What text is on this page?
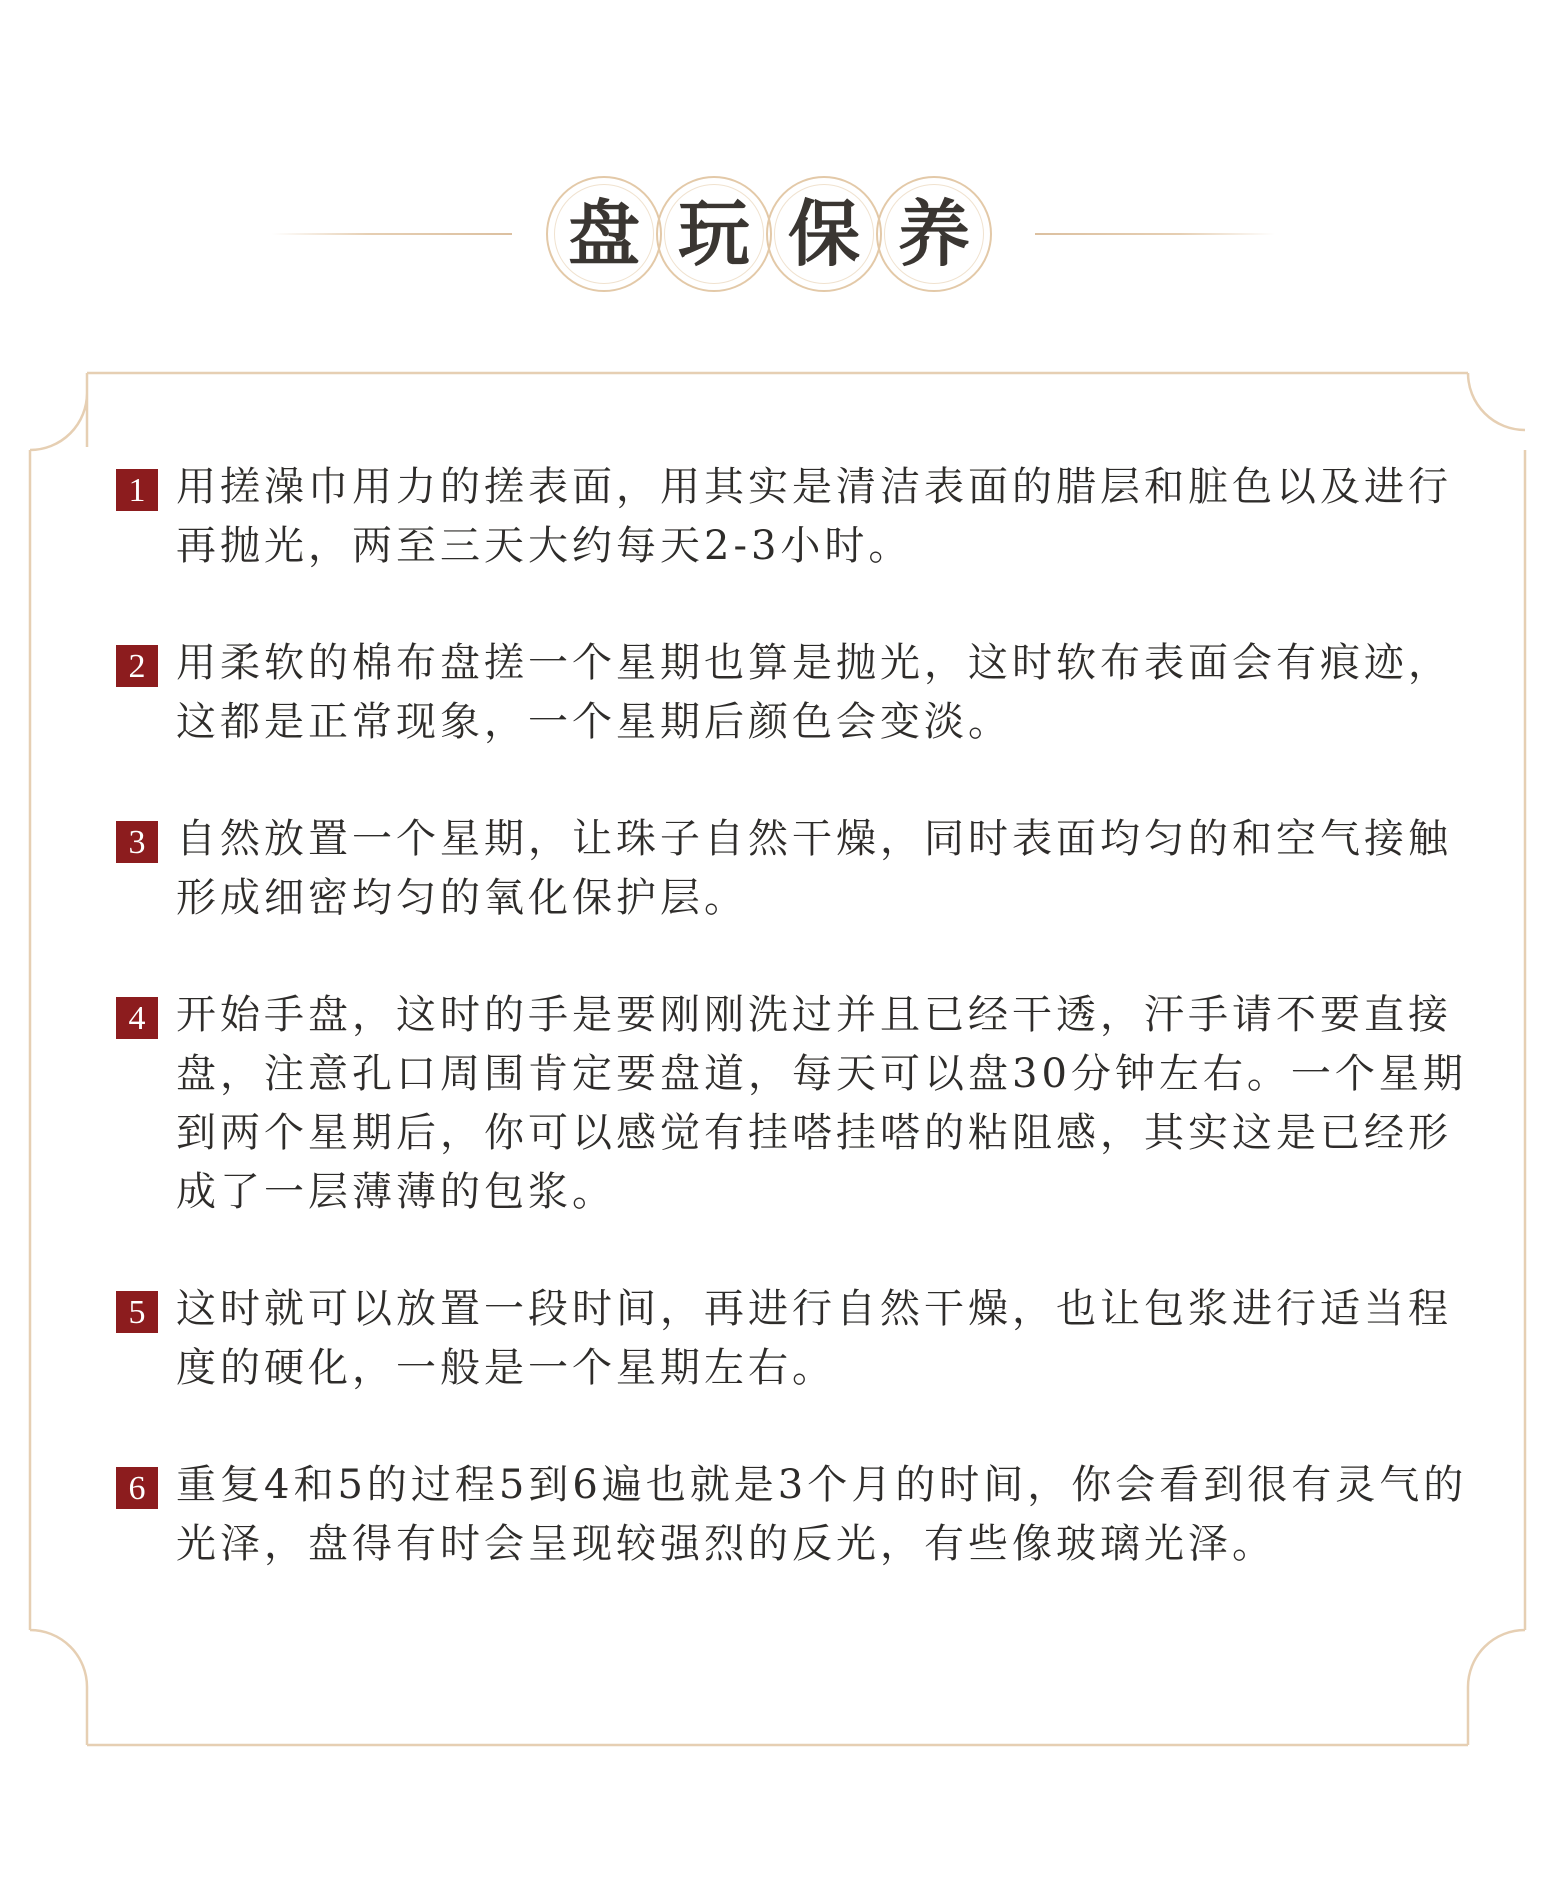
盘 玩 保 养
1 用搓澡巾用力的搓表面，用其实是清洁表面的腊层和脏色以及进行再抛光，两至三天大约每天2-3小时。
2 用柔软的棉布盘搓一个星期也算是抛光，这时软布表面会有痕迹，这都是正常现象，一个星期后颜色会变淡。
3 自然放置一个星期，让珠子自然干燥，同时表面均匀的和空气接触形成细密均匀的氧化保护层。
4 开始手盘，这时的手是要刚刚洗过并且已经干透，汗手请不要直接盘，注意孔口周围肯定要盘道，每天可以盘30分钟左右。一个星期到两个星期后，你可以感觉有挂嗒挂嗒的粘阻感，其实这是已经形成了一层薄薄的包浆。
5 这时就可以放置一段时间，再进行自然干燥，也让包浆进行适当程度的硬化，一般是一个星期左右。
6 重复4和5的过程5到6遍也就是3个月的时间，你会看到很有灵气的光泽，盘得有时会呈现较强烈的反光，有些像玻璃光泽。
